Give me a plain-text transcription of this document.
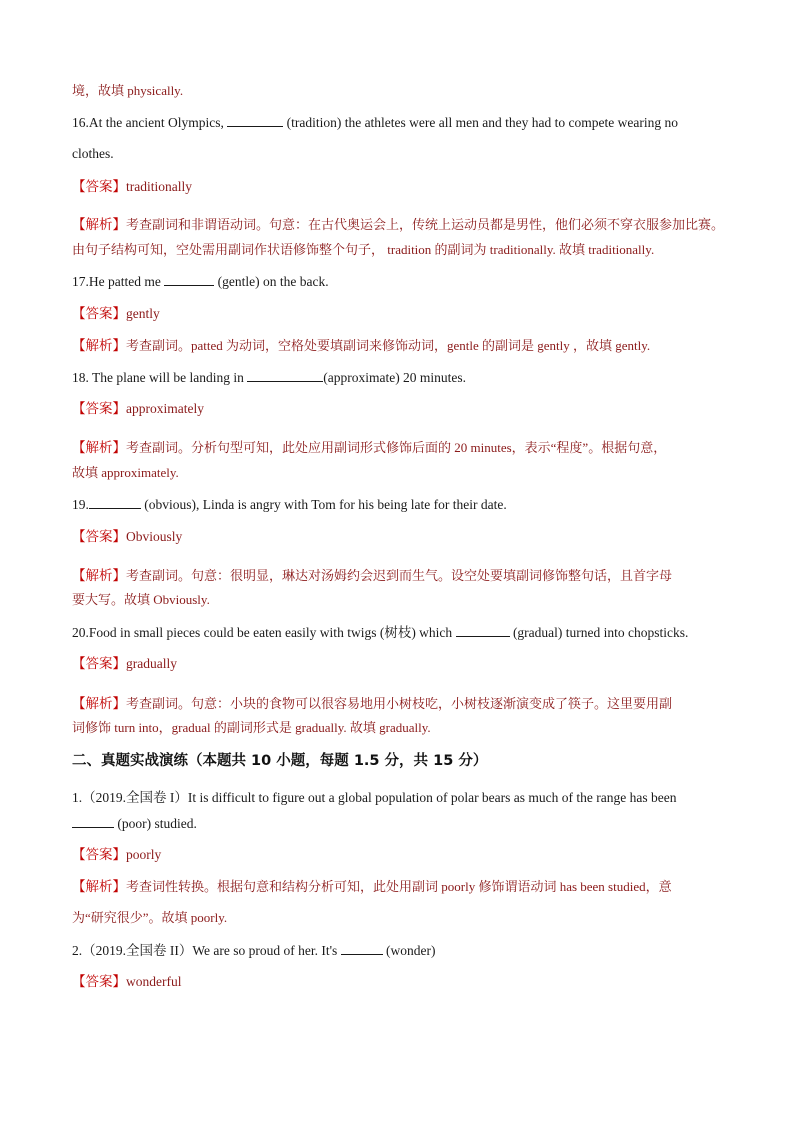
境，故填 physically.
16.At the ancient Olympics,	(tradition) the athletes were all men and they had to compete wearing no
clothes.
【答案】traditionally
【解析】考查副词和非谓语动词。句意：在古代奥运会上，传统上运动员都是男性，他们必须不穿衣服参加比赛。
由句子结构可知，空处需用副词作状语修饰整个句子， tradition 的副词为 traditionally. 故填 traditionally.
17.He patted me	(gentle) on the back.
【答案】gently
【解析】考查副词。patted 为动词，空格处要填副词来修饰动词，gentle 的副词是 gently ，故填 gently.
18. The plane will be landing in	(approximate) 20 minutes.
【答案】approximately
【解析】考查副词。分析句型可知，此处应用副词形式修饰后面的 20 minutes，表示“程度”。根据句意，
故填 approximately.
19.	(obvious), Linda is angry with Tom for his being late for their date.
【答案】Obviously
【解析】考查副词。句意：很明显，琳达对汤姆约会迟到而生气。设空处要填副词修饰整句话，且首字母
要大写。故填 Obviously.
20.Food in small pieces could be eaten easily with twigs (树枝) which	(gradual) turned into chopsticks.
【答案】gradually
【解析】考查副词。句意：小块的食物可以很容易地用小树枝吃，小树枝逐渐演变成了筷子。这里要用副
词修饰 turn into，gradual 的副词形式是 gradually. 故填 gradually.
二、真题实战演练（本题共 10 小题，每题 1.5 分，共 15 分）
1.（2019.全国卷 I）It is difficult to figure out a global population of polar bears as much of the range has been
(poor) studied.
【答案】poorly
【解析】考查词性转换。根据句意和结构分析可知，此处用副词 poorly 修饰谓语动词 has been studied，意
为“研究很少”。故填 poorly.
2.（2019.全国卷 II）We are so proud of her. It's	(wonder)
【答案】wonderful
